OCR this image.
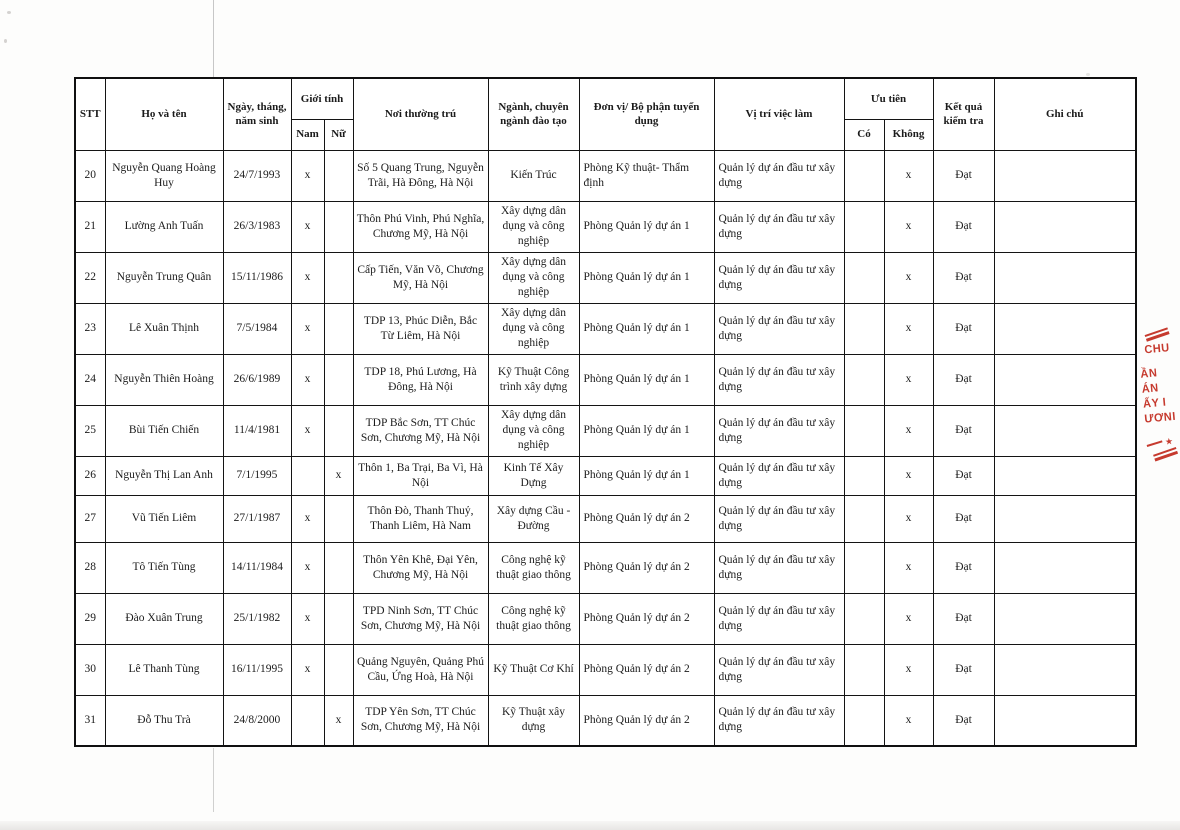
STT	Họ và tên	Ngày, tháng, năm sinh	Giới tính		Nơi thường trú	Ngành, chuyên ngành đào tạo	Đơn vị/ Bộ phận tuyển dụng	Vị trí việc làm	Ưu tiên		Kết quả kiểm tra	Ghi chú
			Nam	Nữ					Có	Không		
20	Nguyễn Quang Hoàng Huy	24/7/1993	x		Số 5 Quang Trung, Nguyễn Trãi, Hà Đông, Hà Nội	Kiến Trúc	Phòng Kỹ thuật- Thẩm định	Quản lý dự án đầu tư xây dựng		x	Đạt	
21	Lường Anh Tuấn	26/3/1983	x		Thôn Phú Vinh, Phú Nghĩa, Chương Mỹ, Hà Nội	Xây dựng dân dụng và công nghiệp	Phòng Quản lý dự án 1	Quản lý dự án đầu tư xây dựng		x	Đạt	
22	Nguyễn Trung Quân	15/11/1986	x		Cấp Tiến, Văn Võ, Chương Mỹ, Hà Nội	Xây dựng dân dụng và công nghiệp	Phòng Quản lý dự án 1	Quản lý dự án đầu tư xây dựng		x	Đạt	
23	Lê Xuân Thịnh	7/5/1984	x		TDP 13, Phúc Diễn, Bắc Từ Liêm, Hà Nội	Xây dựng dân dụng và công nghiệp	Phòng Quản lý dự án 1	Quản lý dự án đầu tư xây dựng		x	Đạt	
24	Nguyễn Thiên Hoàng	26/6/1989	x		TDP 18, Phú Lương, Hà Đông, Hà Nội	Kỹ Thuật Công trình xây dựng	Phòng Quản lý dự án 1	Quản lý dự án đầu tư xây dựng		x	Đạt	
25	Bùi Tiến Chiến	11/4/1981	x		TDP Bắc Sơn, TT Chúc Sơn, Chương Mỹ, Hà Nội	Xây dựng dân dụng và công nghiệp	Phòng Quản lý dự án 1	Quản lý dự án đầu tư xây dựng		x	Đạt	
26	Nguyễn Thị Lan Anh	7/1/1995		x	Thôn 1, Ba Trại, Ba Vì, Hà Nội	Kinh Tế Xây Dựng	Phòng Quản lý dự án 1	Quản lý dự án đầu tư xây dựng		x	Đạt	
27	Vũ Tiến Liêm	27/1/1987	x		Thôn Đò, Thanh Thuỷ, Thanh Liêm, Hà Nam	Xây dựng Cầu - Đường	Phòng Quản lý dự án 2	Quản lý dự án đầu tư xây dựng		x	Đạt	
28	Tô Tiến Tùng	14/11/1984	x		Thôn Yên Khê, Đại Yên, Chương Mỹ, Hà Nội	Công nghệ kỹ thuật giao thông	Phòng Quản lý dự án 2	Quản lý dự án đầu tư xây dựng		x	Đạt	
29	Đào Xuân Trung	25/1/1982	x		TPD Ninh Sơn, TT Chúc Sơn, Chương Mỹ, Hà Nội	Công nghệ kỹ thuật giao thông	Phòng Quản lý dự án 2	Quản lý dự án đầu tư xây dựng		x	Đạt	
30	Lê Thanh Tùng	16/11/1995	x		Quảng Nguyên, Quảng Phú Cầu, Ứng Hoà, Hà Nội	Kỹ Thuật Cơ Khí	Phòng Quản lý dự án 2	Quản lý dự án đầu tư xây dựng		x	Đạt	
31	Đỗ Thu Trà	24/8/2000		x	TDP Yên Sơn, TT Chúc Sơn, Chương Mỹ, Hà Nội	Kỹ Thuật xây dựng	Phòng Quản lý dự án 2	Quản lý dự án đầu tư xây dựng		x	Đạt	
CHU
ẦN
ÁN
ẤY I
ƯƠNI
★
